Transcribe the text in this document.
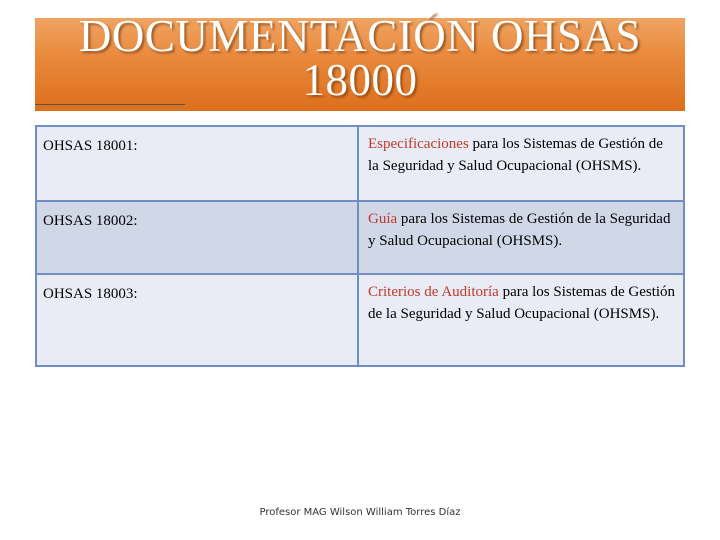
DOCUMENTACIÓN OHSAS
18000
OHSAS 18001:	Especificaciones para los Sistemas de Gestión de la Seguridad y Salud Ocupacional (OHSMS).
OHSAS 18002:	Guía para los Sistemas de Gestión de la Seguridad y Salud Ocupacional (OHSMS).
OHSAS 18003:	Criterios de Auditoría para los Sistemas de Gestión de la Seguridad y Salud Ocupacional (OHSMS).
Profesor MAG Wilson William Torres Díaz
